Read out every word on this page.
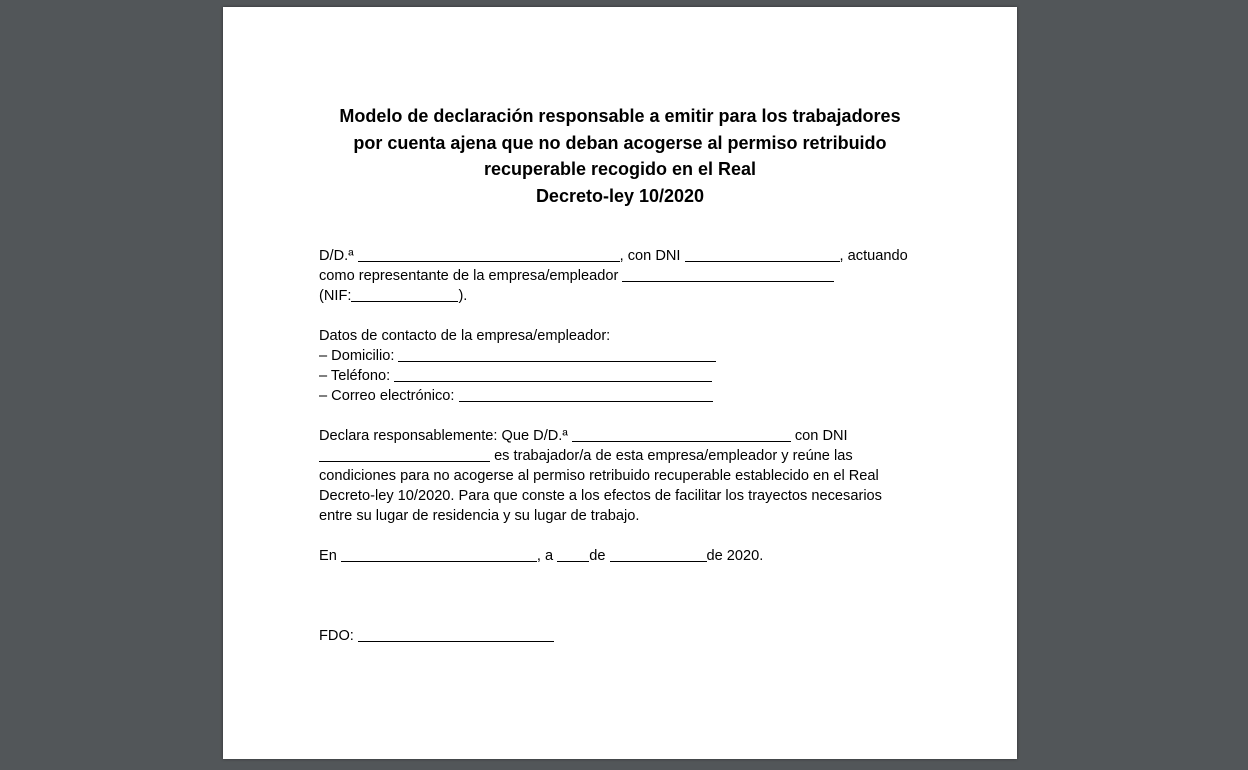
Modelo de declaración responsable a emitir para los trabajadores
por cuenta ajena que no deban acogerse al permiso retribuido
recuperable recogido en el Real
Decreto-ley 10/2020
D/D.ª	, con DNI	, actuando
como representante de la empresa/empleador
(NIF:	).
Datos de contacto de la empresa/empleador:
– Domicilio:
– Teléfono:
– Correo electrónico:
Declara responsablemente: Que D/D.ª	con DNI
es trabajador/a de esta empresa/empleador y reúne las
condiciones para no acogerse al permiso retribuido recuperable establecido en el Real
Decreto-ley 10/2020. Para que conste a los efectos de facilitar los trayectos necesarios
entre su lugar de residencia y su lugar de trabajo.
En	, a de	de 2020.
FDO:
